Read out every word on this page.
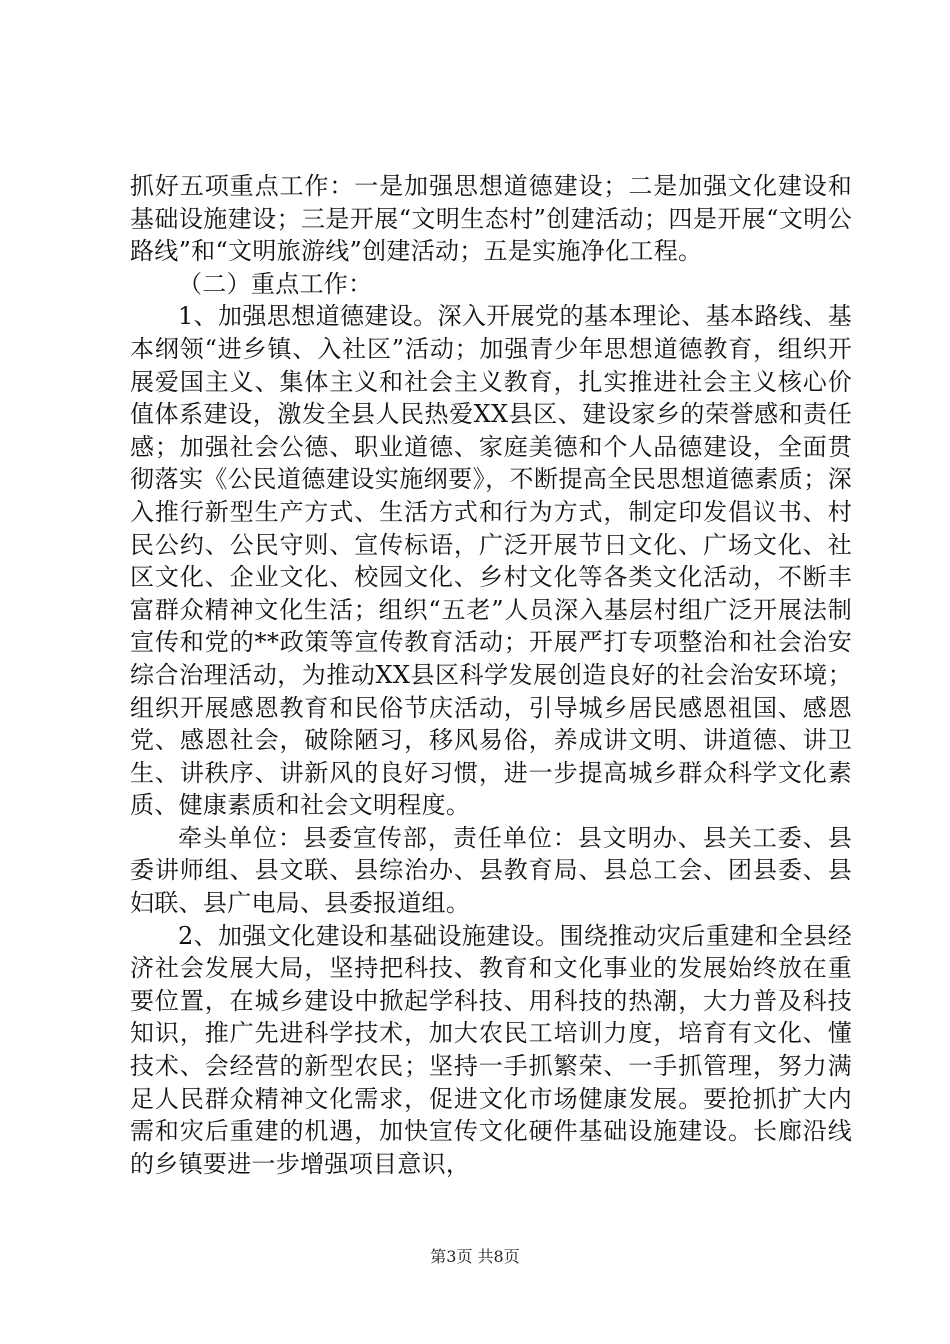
抓好五项重点工作：一是加强思想道德建设；二是加强文化建设和基础设施建设；三是开展“文明生态村”创建活动；四是开展“文明公路线”和“文明旅游线”创建活动；五是实施净化工程。

（二）重点工作：

1、加强思想道德建设。深入开展党的基本理论、基本路线、基本纲领“进乡镇、入社区”活动；加强青少年思想道德教育，组织开展爱国主义、集体主义和社会主义教育，扎实推进社会主义核心价值体系建设，激发全县人民热爱XX县区、建设家乡的荣誉感和责任感；加强社会公德、职业道德、家庭美德和个人品德建设，全面贯彻落实《公民道德建设实施纲要》，不断提高全民思想道德素质；深入推行新型生产方式、生活方式和行为方式，制定印发倡议书、村民公约、公民守则、宣传标语，广泛开展节日文化、广场文化、社区文化、企业文化、校园文化、乡村文化等各类文化活动，不断丰富群众精神文化生活；组织“五老”人员深入基层村组广泛开展法制宣传和党的**政策等宣传教育活动；开展严打专项整治和社会治安综合治理活动，为推动XX县区科学发展创造良好的社会治安环境；组织开展感恩教育和民俗节庆活动，引导城乡居民感恩祖国、感恩党、感恩社会，破除陋习，移风易俗，养成讲文明、讲道德、讲卫生、讲秩序、讲新风的良好习惯，进一步提高城乡群众科学文化素质、健康素质和社会文明程度。

牵头单位：县委宣传部，责任单位：县文明办、县关工委、县委讲师组、县文联、县综治办、县教育局、县总工会、团县委、县妇联、县广电局、县委报道组。

2、加强文化建设和基础设施建设。围绕推动灾后重建和全县经济社会发展大局，坚持把科技、教育和文化事业的发展始终放在重要位置，在城乡建设中掀起学科技、用科技的热潮，大力普及科技知识，推广先进科学技术，加大农民工培训力度，培育有文化、懂技术、会经营的新型农民；坚持一手抓繁荣、一手抓管理，努力满足人民群众精神文化需求，促进文化市场健康发展。要抢抓扩大内需和灾后重建的机遇，加快宣传文化硬件基础设施建设。长廊沿线的乡镇要进一步增强项目意识，

第3页 共8页
